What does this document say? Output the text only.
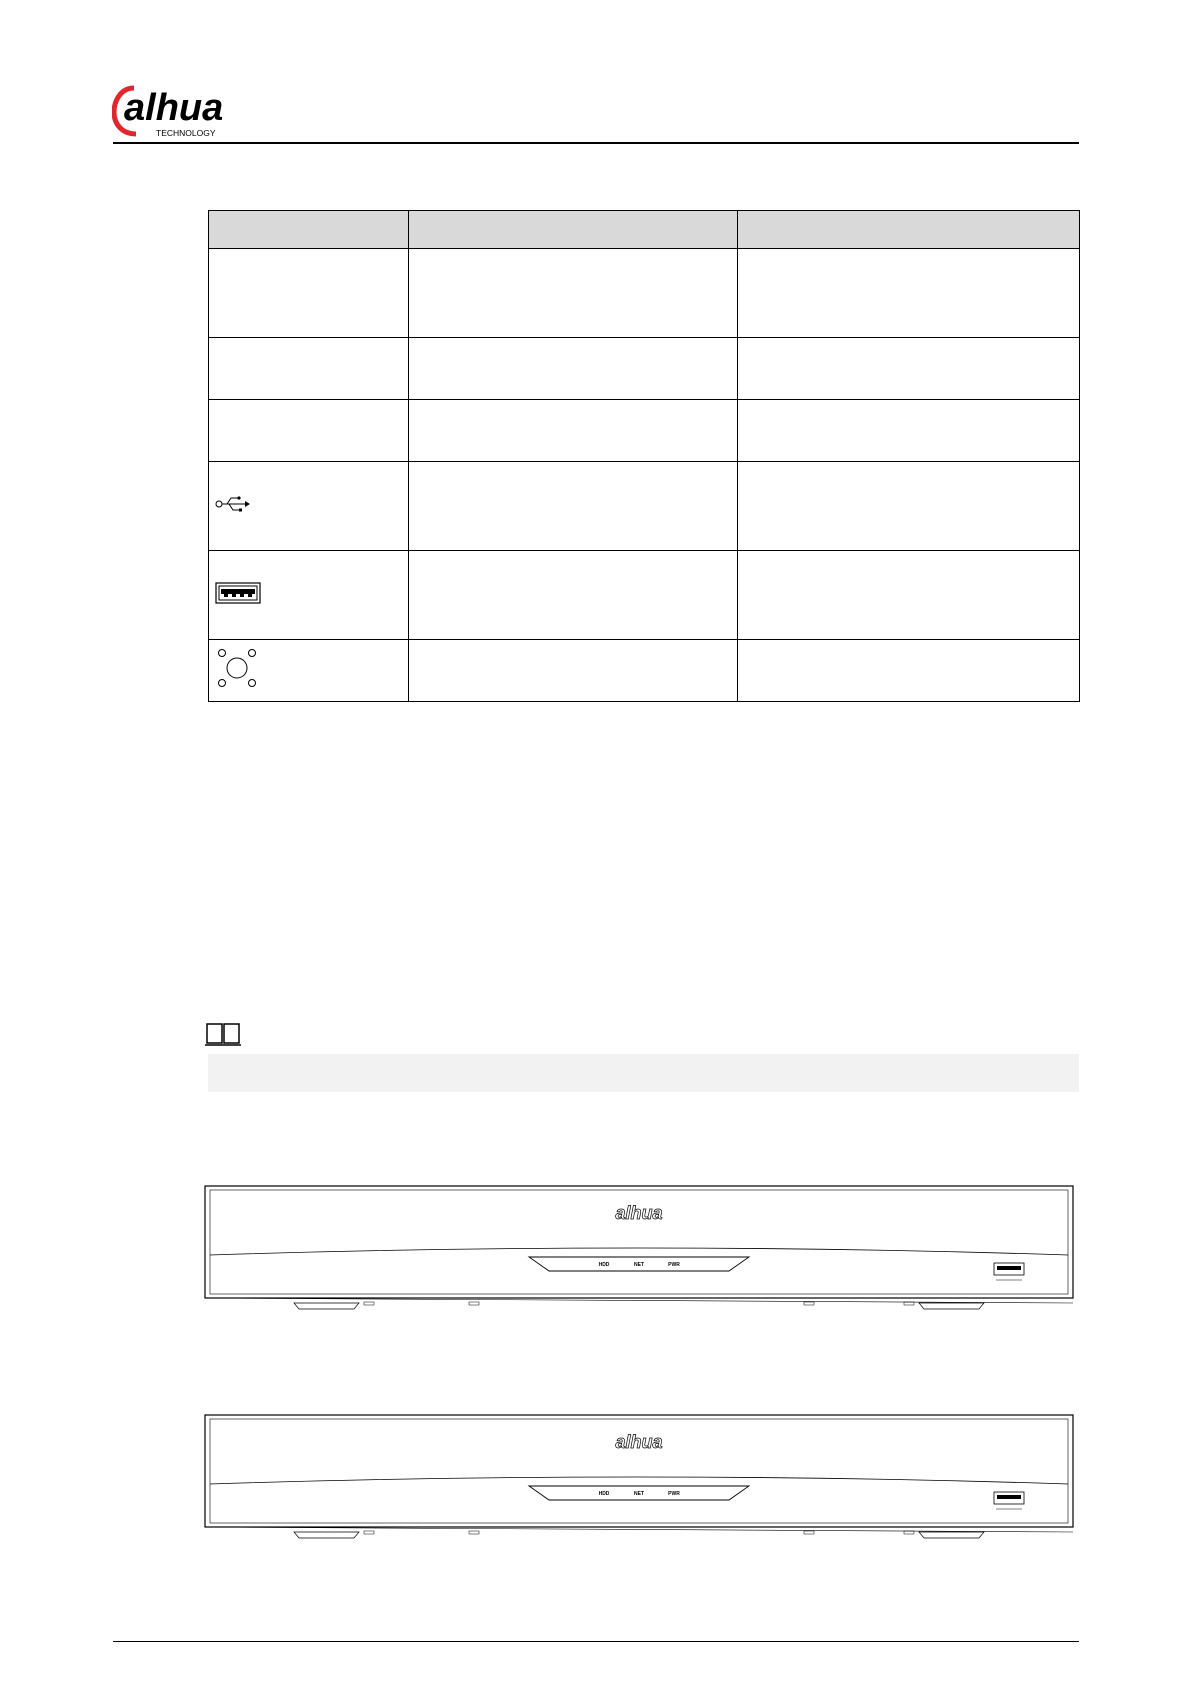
alhua
TECHNOLOGY

alhua
HDD	NET	PWR
alhua
HDD	NET	PWR
